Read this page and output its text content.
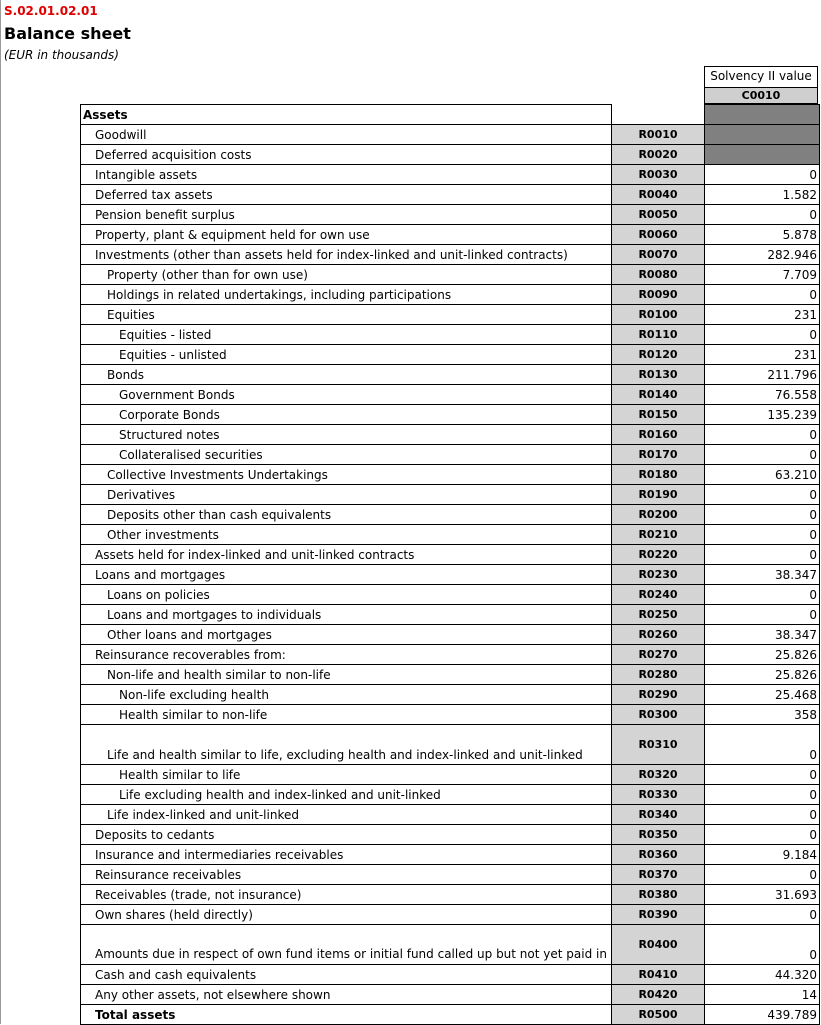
S.02.01.02.01
Balance sheet
(EUR in thousands)
Solvency II value
C0010
Assets		
Goodwill	R0010	
Deferred acquisition costs	R0020	
Intangible assets	R0030	0
Deferred tax assets	R0040	1.582
Pension benefit surplus	R0050	0
Property, plant & equipment held for own use	R0060	5.878
Investments (other than assets held for index-linked and unit-linked contracts)	R0070	282.946
Property (other than for own use)	R0080	7.709
Holdings in related undertakings, including participations	R0090	0
Equities	R0100	231
Equities - listed	R0110	0
Equities - unlisted	R0120	231
Bonds	R0130	211.796
Government Bonds	R0140	76.558
Corporate Bonds	R0150	135.239
Structured notes	R0160	0
Collateralised securities	R0170	0
Collective Investments Undertakings	R0180	63.210
Derivatives	R0190	0
Deposits other than cash equivalents	R0200	0
Other investments	R0210	0
Assets held for index-linked and unit-linked contracts	R0220	0
Loans and mortgages	R0230	38.347
Loans on policies	R0240	0
Loans and mortgages to individuals	R0250	0
Other loans and mortgages	R0260	38.347
Reinsurance recoverables from:	R0270	25.826
Non-life and health similar to non-life	R0280	25.826
Non-life excluding health	R0290	25.468
Health similar to non-life	R0300	358
Life and health similar to life, excluding health and index-linked and unit-linked	R0310	0
Health similar to life	R0320	0
Life excluding health and index-linked and unit-linked	R0330	0
Life index-linked and unit-linked	R0340	0
Deposits to cedants	R0350	0
Insurance and intermediaries receivables	R0360	9.184
Reinsurance receivables	R0370	0
Receivables (trade, not insurance)	R0380	31.693
Own shares (held directly)	R0390	0
Amounts due in respect of own fund items or initial fund called up but not yet paid in	R0400	0
Cash and cash equivalents	R0410	44.320
Any other assets, not elsewhere shown	R0420	14
Total assets	R0500	439.789
